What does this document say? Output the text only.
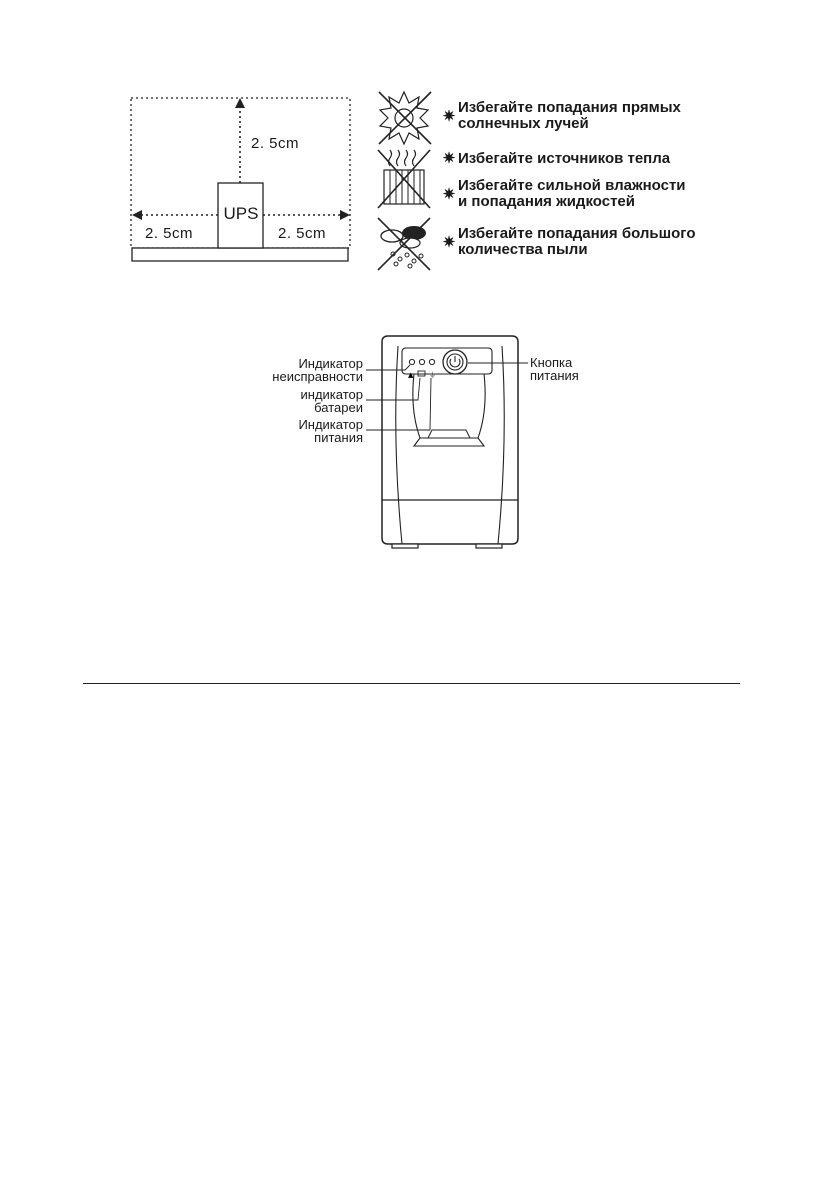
UPS
2. 5cm
2. 5cm	2. 5cm
✷
Избегайте попадания прямых
солнечных лучей
✷ Избегайте источников тепла
✷
Избегайте сильной влажности
и попадания жидкостей
✷
Избегайте попадания большого
количества пыли
▲ ⏚
Индикатор
неисправности
индикатор
батареи
Индикатор
питания
Кнопка
питания
